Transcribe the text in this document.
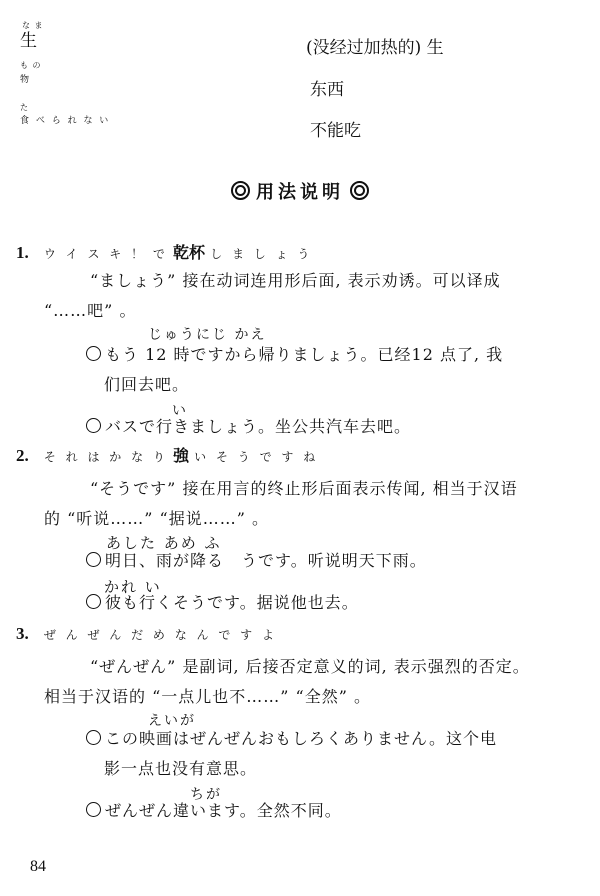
な ま
生
も の
物
た
食 べ ら れ な い
(没经过加热的) 生
东西
不能吃
用法说明
1. ウ イ ス キ ！ で 乾杯 し ま し ょ う
“ましょう” 接在动词连用形后面, 表示劝诱。可以译成
“……吧” 。
じゅうにじ かえ
もう 12 時ですから帰りましょう。已经12 点了, 我
们回去吧。
い
バスで行きましょう。坐公共汽车去吧。
2. そ れ は か な り 強 い そ う で す ね
“そうです” 接在用言的终止形后面表示传闻, 相当于汉语
的 “听说……” “据说……” 。
あした あめ ふ
明日、雨が降る　うです。听说明天下雨。
かれ い
彼も行くそうです。据说他也去。
3. ぜ ん ぜ ん だ め な ん で す よ
“ぜんぜん” 是副词, 后接否定意义的词, 表示强烈的否定。
相当于汉语的 “一点儿也不……” “全然” 。
えいが
この映画はぜんぜんおもしろくありません。这个电
影一点也没有意思。
ちが
ぜんぜん違います。全然不同。
84
